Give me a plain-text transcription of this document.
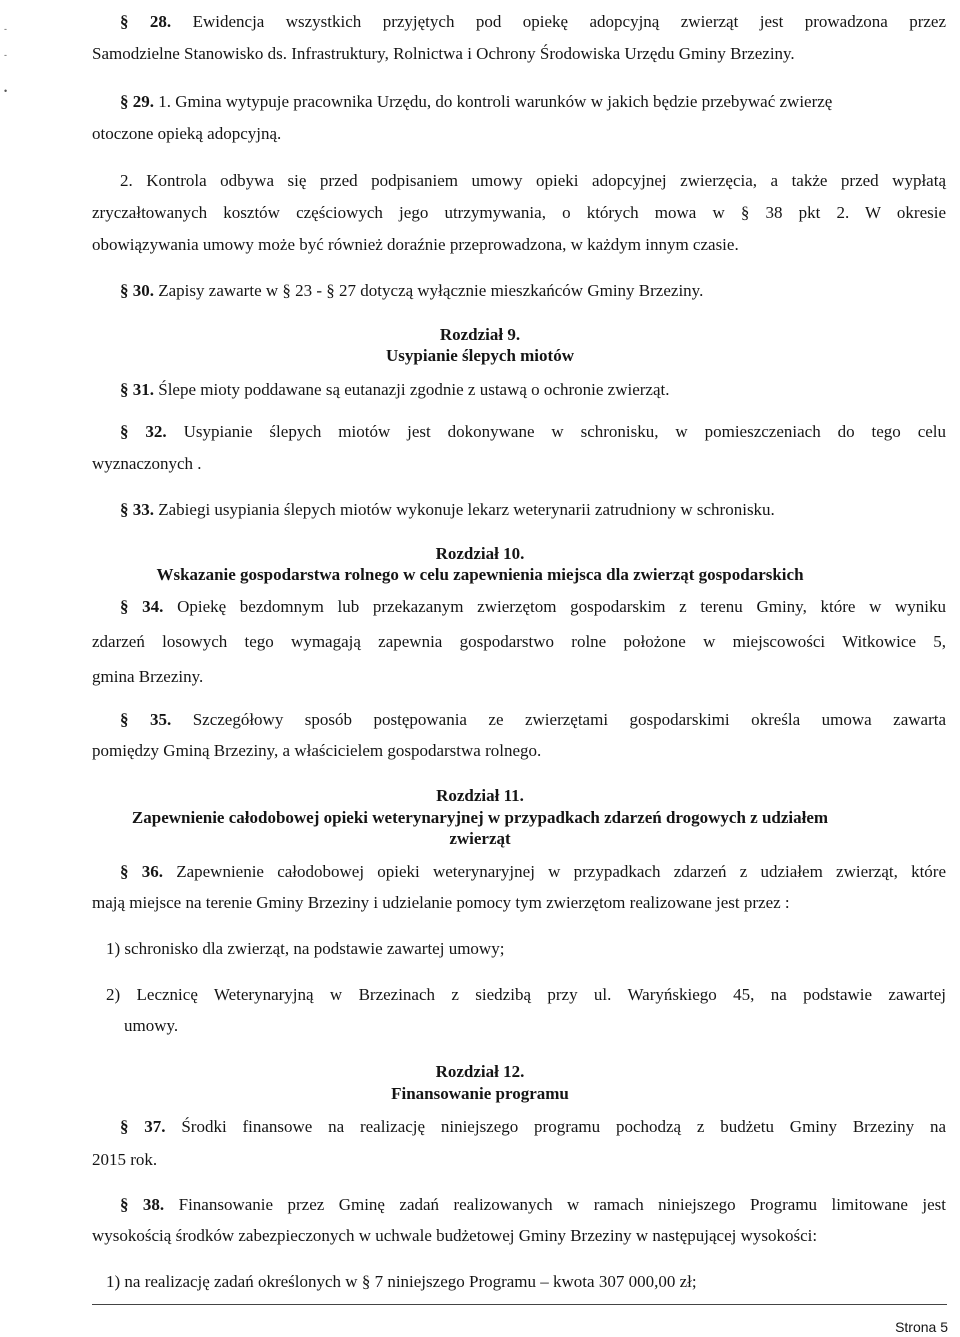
-
-
•
§ 28. Ewidencja wszystkich przyjętych pod opiekę adopcyjną zwierząt jest prowadzona przez
Samodzielne Stanowisko ds. Infrastruktury, Rolnictwa i Ochrony Środowiska Urzędu Gminy Brzeziny.
§ 29. 1. Gmina wytypuje pracownika Urzędu, do kontroli warunków w jakich będzie przebywać zwierzę
otoczone opieką adopcyjną.
2. Kontrola odbywa się przed podpisaniem umowy opieki adopcyjnej zwierzęcia, a także przed wypłatą
zryczałtowanych kosztów częściowych jego utrzymywania, o których mowa w § 38 pkt 2. W okresie
obowiązywania umowy może być również doraźnie przeprowadzona, w każdym innym czasie.
§ 30. Zapisy zawarte w § 23 - § 27 dotyczą wyłącznie mieszkańców Gminy Brzeziny.
Rozdział 9.
Usypianie ślepych miotów
§ 31. Ślepe mioty poddawane są eutanazji zgodnie z ustawą o ochronie zwierząt.
§ 32. Usypianie ślepych miotów jest dokonywane w schronisku, w pomieszczeniach do tego celu
wyznaczonych .
§ 33. Zabiegi usypiania ślepych miotów wykonuje lekarz weterynarii zatrudniony w schronisku.
Rozdział 10.
Wskazanie gospodarstwa rolnego w celu zapewnienia miejsca dla zwierząt gospodarskich
§ 34. Opiekę bezdomnym lub przekazanym zwierzętom gospodarskim z terenu Gminy, które w wyniku
zdarzeń losowych tego wymagają zapewnia gospodarstwo rolne położone w miejscowości Witkowice 5,
gmina Brzeziny.
§ 35. Szczegółowy sposób postępowania ze zwierzętami gospodarskimi określa umowa zawarta
pomiędzy Gminą Brzeziny, a właścicielem gospodarstwa rolnego.
Rozdział 11.
Zapewnienie całodobowej opieki weterynaryjnej w przypadkach zdarzeń drogowych z udziałem
zwierząt
§ 36. Zapewnienie całodobowej opieki weterynaryjnej w przypadkach zdarzeń z udziałem zwierząt, które
mają miejsce na terenie Gminy Brzeziny i udzielanie pomocy tym zwierzętom realizowane jest przez :
1) schronisko dla zwierząt, na podstawie zawartej umowy;
2) Lecznicę Weterynaryjną w Brzezinach z siedzibą przy ul. Waryńskiego 45, na podstawie zawartej
umowy.
Rozdział 12.
Finansowanie programu
§ 37. Środki finansowe na realizację niniejszego programu pochodzą z budżetu Gminy Brzeziny na
2015 rok.
§ 38. Finansowanie przez Gminę zadań realizowanych w ramach niniejszego Programu limitowane jest
wysokością środków zabezpieczonych w uchwale budżetowej Gminy Brzeziny w następującej wysokości:
1) na realizację zadań określonych w § 7 niniejszego Programu – kwota 307 000,00 zł;
Strona 5
